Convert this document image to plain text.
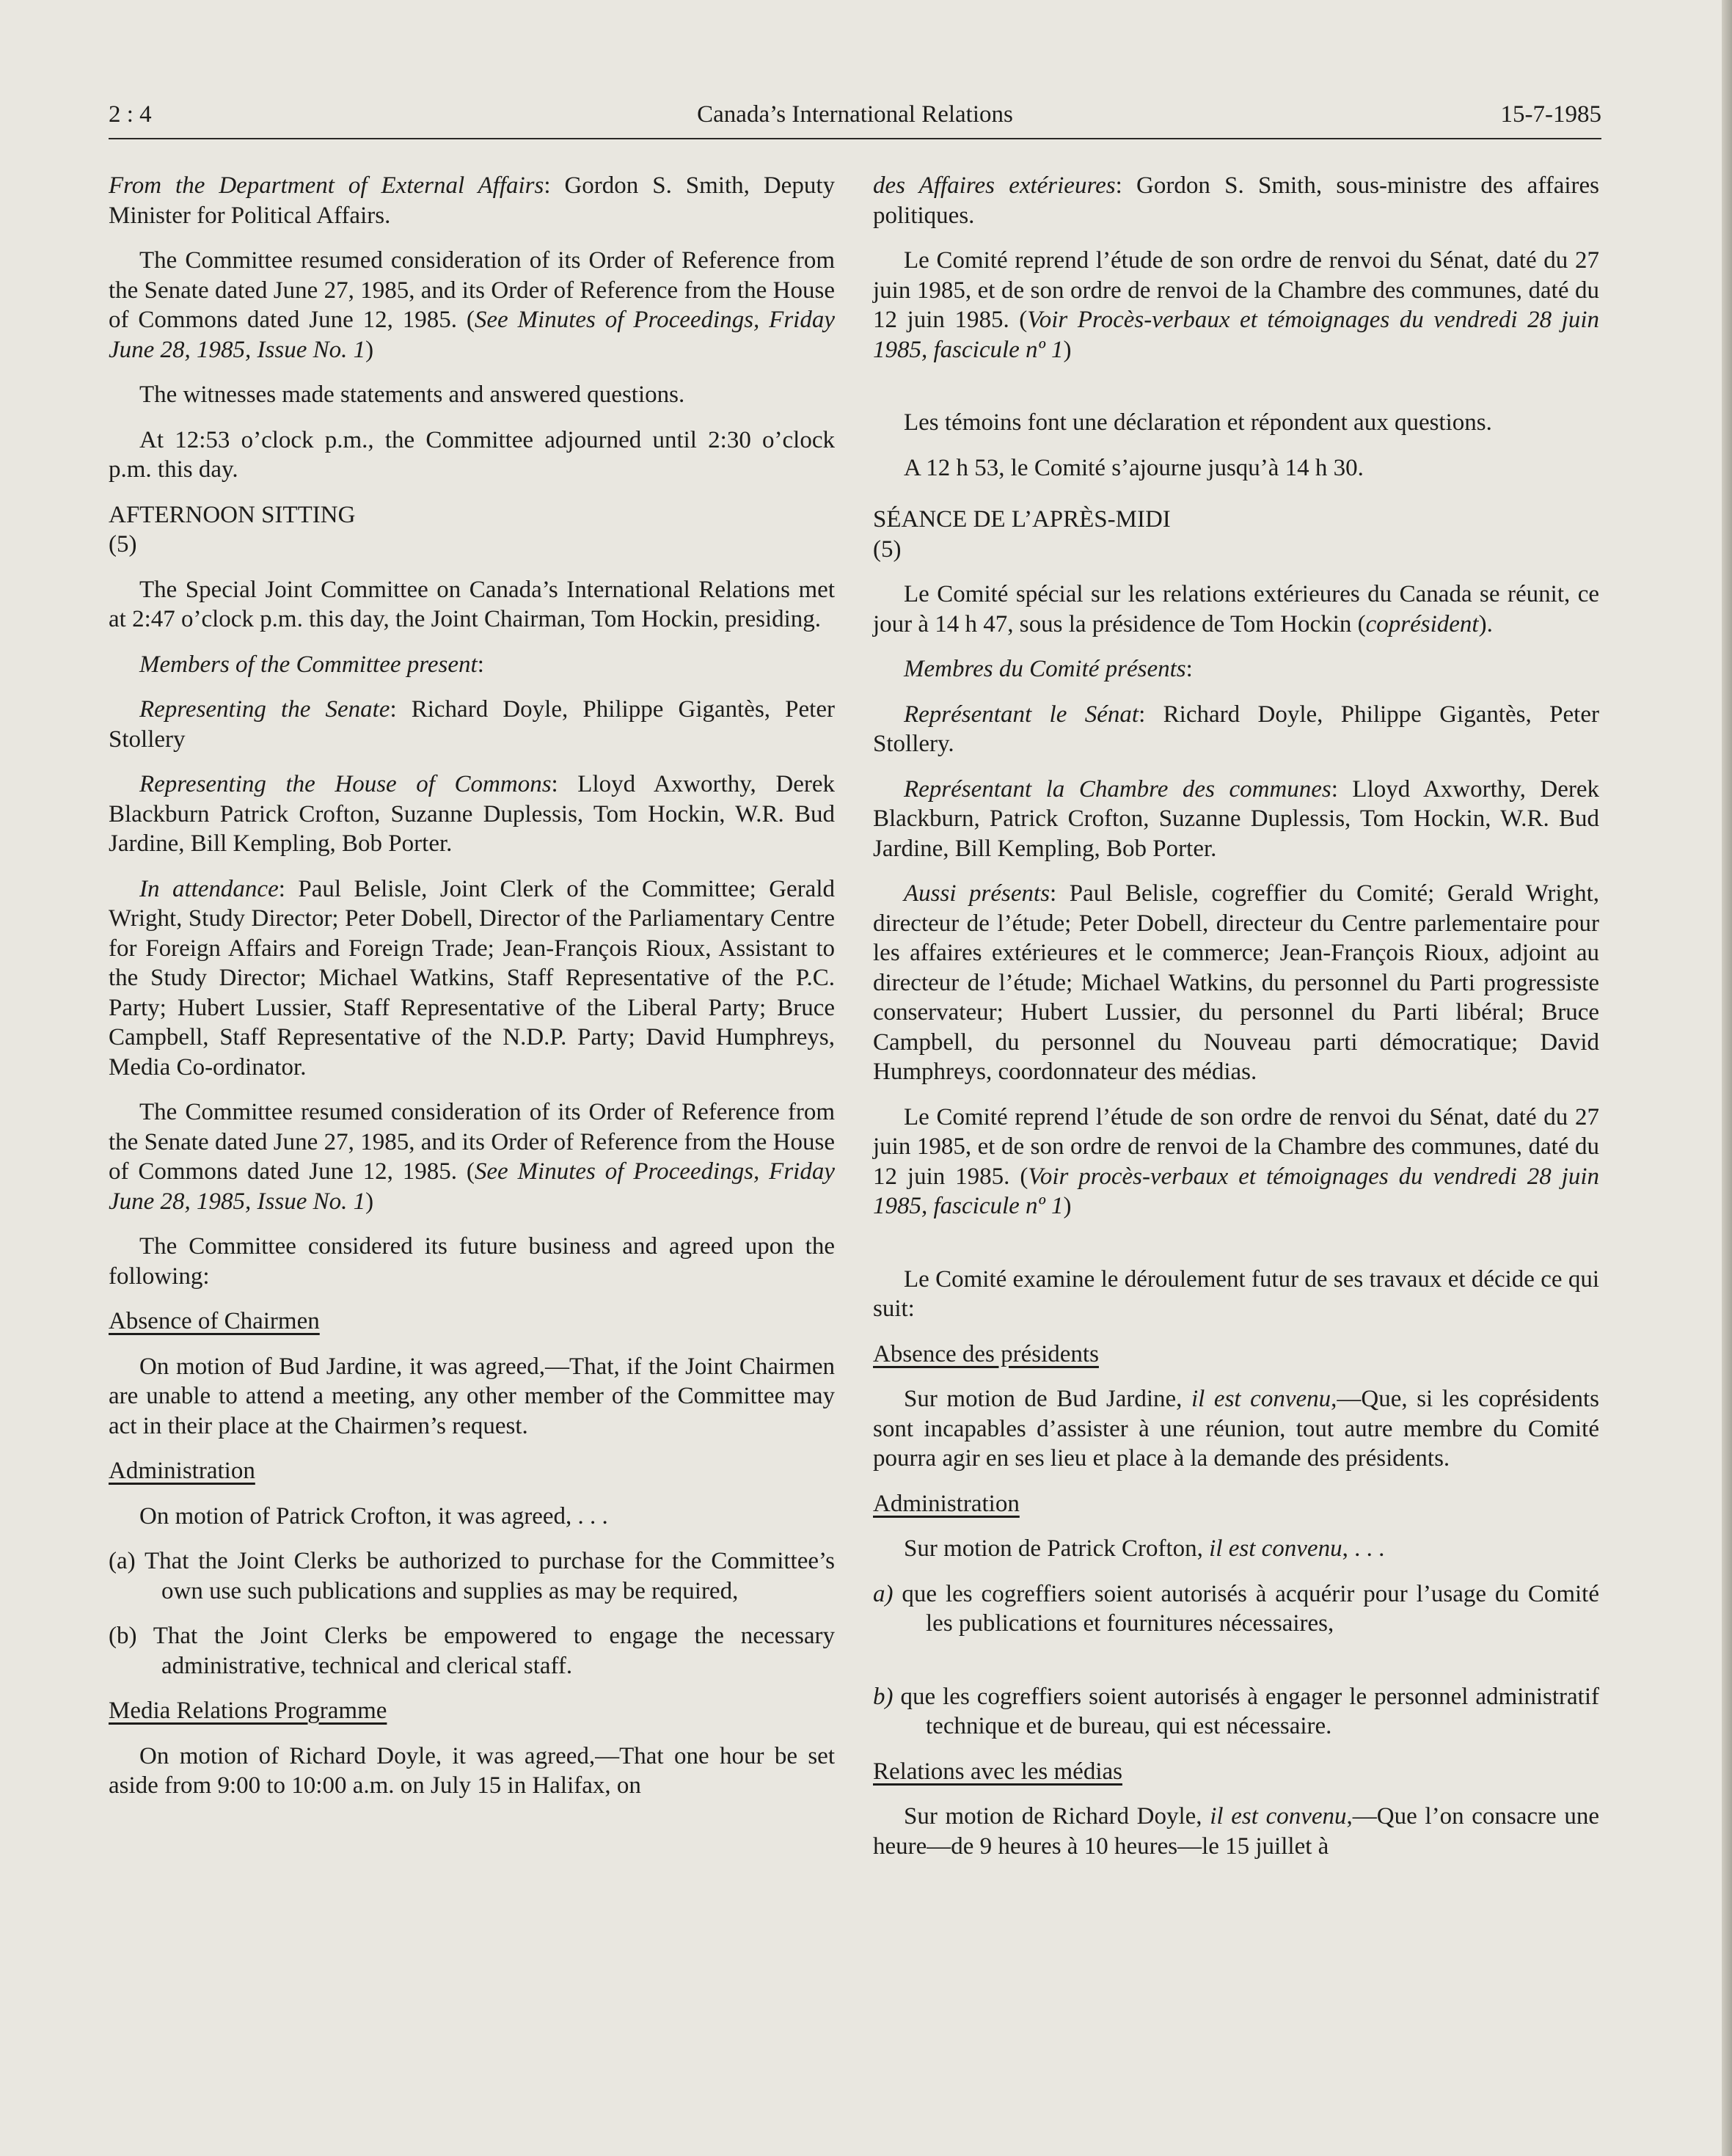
2 : 4	Canada’s International Relations	15-7-1985

From the Department of External Affairs: Gordon S. Smith, Deputy Minister for Political Affairs.

The Committee resumed consideration of its Order of Reference from the Senate dated June 27, 1985, and its Order of Reference from the House of Commons dated June 12, 1985. (See Minutes of Proceedings, Friday June 28, 1985, Issue No. 1)

The witnesses made statements and answered questions.

At 12:53 o’clock p.m., the Committee adjourned until 2:30 o’clock p.m. this day.

AFTERNOON SITTING
(5)

The Special Joint Committee on Canada’s International Relations met at 2:47 o’clock p.m. this day, the Joint Chairman, Tom Hockin, presiding.

Members of the Committee present:

Representing the Senate: Richard Doyle, Philippe Gigantès, Peter Stollery

Representing the House of Commons: Lloyd Axworthy, Derek Blackburn Patrick Crofton, Suzanne Duplessis, Tom Hockin, W.R. Bud Jardine, Bill Kempling, Bob Porter.

In attendance: Paul Belisle, Joint Clerk of the Committee; Gerald Wright, Study Director; Peter Dobell, Director of the Parliamentary Centre for Foreign Affairs and Foreign Trade; Jean-François Rioux, Assistant to the Study Director; Michael Watkins, Staff Representative of the P.C. Party; Hubert Lussier, Staff Representative of the Liberal Party; Bruce Campbell, Staff Representative of the N.D.P. Party; David Humphreys, Media Co-ordinator.

The Committee resumed consideration of its Order of Reference from the Senate dated June 27, 1985, and its Order of Reference from the House of Commons dated June 12, 1985. (See Minutes of Proceedings, Friday June 28, 1985, Issue No. 1)

The Committee considered its future business and agreed upon the following:

Absence of Chairmen

On motion of Bud Jardine, it was agreed,—That, if the Joint Chairmen are unable to attend a meeting, any other member of the Committee may act in their place at the Chairmen’s request.

Administration

On motion of Patrick Crofton, it was agreed, . . .

(a) That the Joint Clerks be authorized to purchase for the Committee’s own use such publications and supplies as may be required,

(b) That the Joint Clerks be empowered to engage the necessary administrative, technical and clerical staff.

Media Relations Programme

On motion of Richard Doyle, it was agreed,—That one hour be set aside from 9:00 to 10:00 a.m. on July 15 in Halifax, on

des Affaires extérieures: Gordon S. Smith, sous-ministre des affaires politiques.

Le Comité reprend l’étude de son ordre de renvoi du Sénat, daté du 27 juin 1985, et de son ordre de renvoi de la Chambre des communes, daté du 12 juin 1985. (Voir Procès-verbaux et témoignages du vendredi 28 juin 1985, fascicule nº 1)

Les témoins font une déclaration et répondent aux questions.

A 12 h 53, le Comité s’ajourne jusqu’à 14 h 30.

SÉANCE DE L’APRÈS-MIDI
(5)

Le Comité spécial sur les relations extérieures du Canada se réunit, ce jour à 14 h 47, sous la présidence de Tom Hockin (coprésident).

Membres du Comité présents:

Représentant le Sénat: Richard Doyle, Philippe Gigantès, Peter Stollery.

Représentant la Chambre des communes: Lloyd Axworthy, Derek Blackburn, Patrick Crofton, Suzanne Duplessis, Tom Hockin, W.R. Bud Jardine, Bill Kempling, Bob Porter.

Aussi présents: Paul Belisle, cogreffier du Comité; Gerald Wright, directeur de l’étude; Peter Dobell, directeur du Centre parlementaire pour les affaires extérieures et le commerce; Jean-François Rioux, adjoint au directeur de l’étude; Michael Watkins, du personnel du Parti progressiste conservateur; Hubert Lussier, du personnel du Parti libéral; Bruce Campbell, du personnel du Nouveau parti démocratique; David Humphreys, coordonnateur des médias.

Le Comité reprend l’étude de son ordre de renvoi du Sénat, daté du 27 juin 1985, et de son ordre de renvoi de la Chambre des communes, daté du 12 juin 1985. (Voir procès-verbaux et témoignages du vendredi 28 juin 1985, fascicule nº 1)

Le Comité examine le déroulement futur de ses travaux et décide ce qui suit:

Absence des présidents

Sur motion de Bud Jardine, il est convenu,—Que, si les coprésidents sont incapables d’assister à une réunion, tout autre membre du Comité pourra agir en ses lieu et place à la demande des présidents.

Administration

Sur motion de Patrick Crofton, il est convenu, . . .

a) que les cogreffiers soient autorisés à acquérir pour l’usage du Comité les publications et fournitures nécessaires,

b) que les cogreffiers soient autorisés à engager le personnel administratif technique et de bureau, qui est nécessaire.

Relations avec les médias

Sur motion de Richard Doyle, il est convenu,—Que l’on consacre une heure—de 9 heures à 10 heures—le 15 juillet à
